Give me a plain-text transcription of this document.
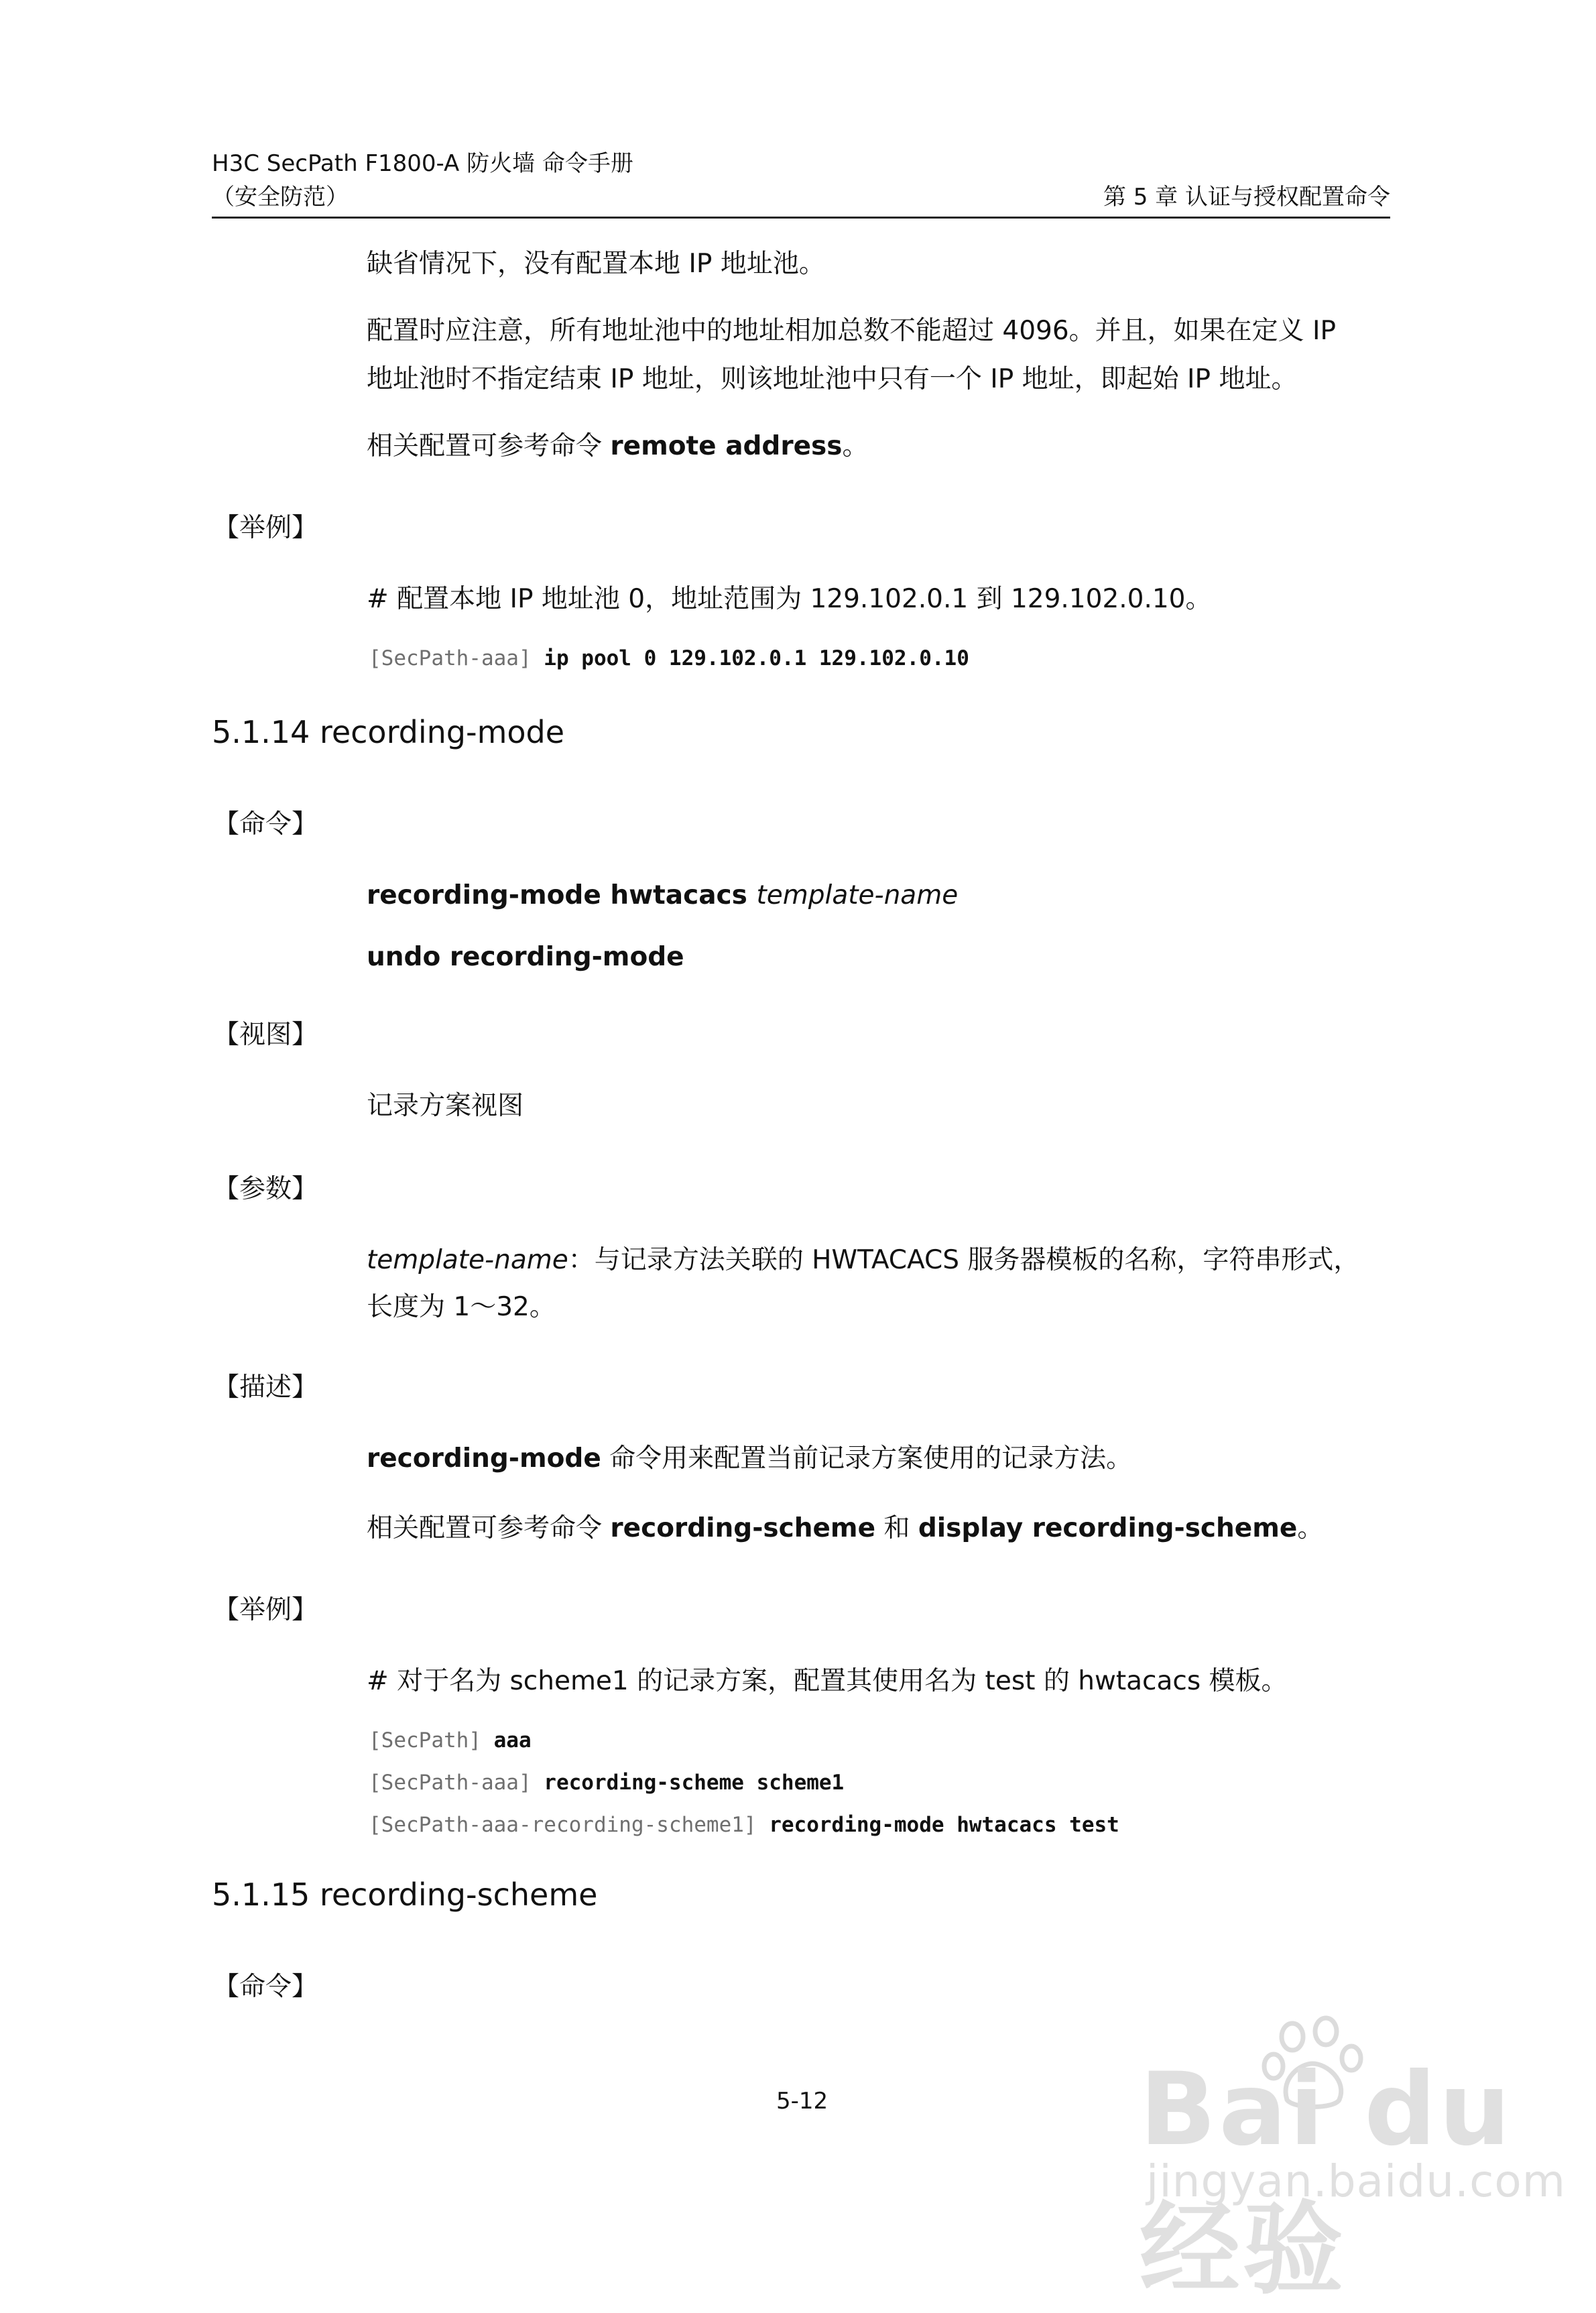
H3C SecPath F1800-A 防火墙 命令手册
（安全防范）	第 5 章 认证与授权配置命令
缺省情况下，没有配置本地 IP 地址池。
配置时应注意，所有地址池中的地址相加总数不能超过 4096。并且，如果在定义 IP
地址池时不指定结束 IP 地址，则该地址池中只有一个 IP 地址，即起始 IP 地址。
相关配置可参考命令 remote address。
【举例】
# 配置本地 IP 地址池 0，地址范围为 129.102.0.1 到 129.102.0.10。
[SecPath-aaa] ip pool 0 129.102.0.1 129.102.0.10
5.1.14 recording-mode
【命令】
recording-mode hwtacacs template-name
undo recording-mode
【视图】
记录方案视图
【参数】
template-name：与记录方法关联的 HWTACACS 服务器模板的名称，字符串形式，
长度为 1～32。
【描述】
recording-mode 命令用来配置当前记录方案使用的记录方法。
相关配置可参考命令 recording-scheme 和 display recording-scheme。
【举例】
# 对于名为 scheme1 的记录方案，配置其使用名为 test 的 hwtacacs 模板。
[SecPath] aaa
[SecPath-aaa] recording-scheme scheme1
[SecPath-aaa-recording-scheme1] recording-mode hwtacacs test
5.1.15 recording-scheme
【命令】
5-12	Bai du 经验
jingyan.baidu.com
